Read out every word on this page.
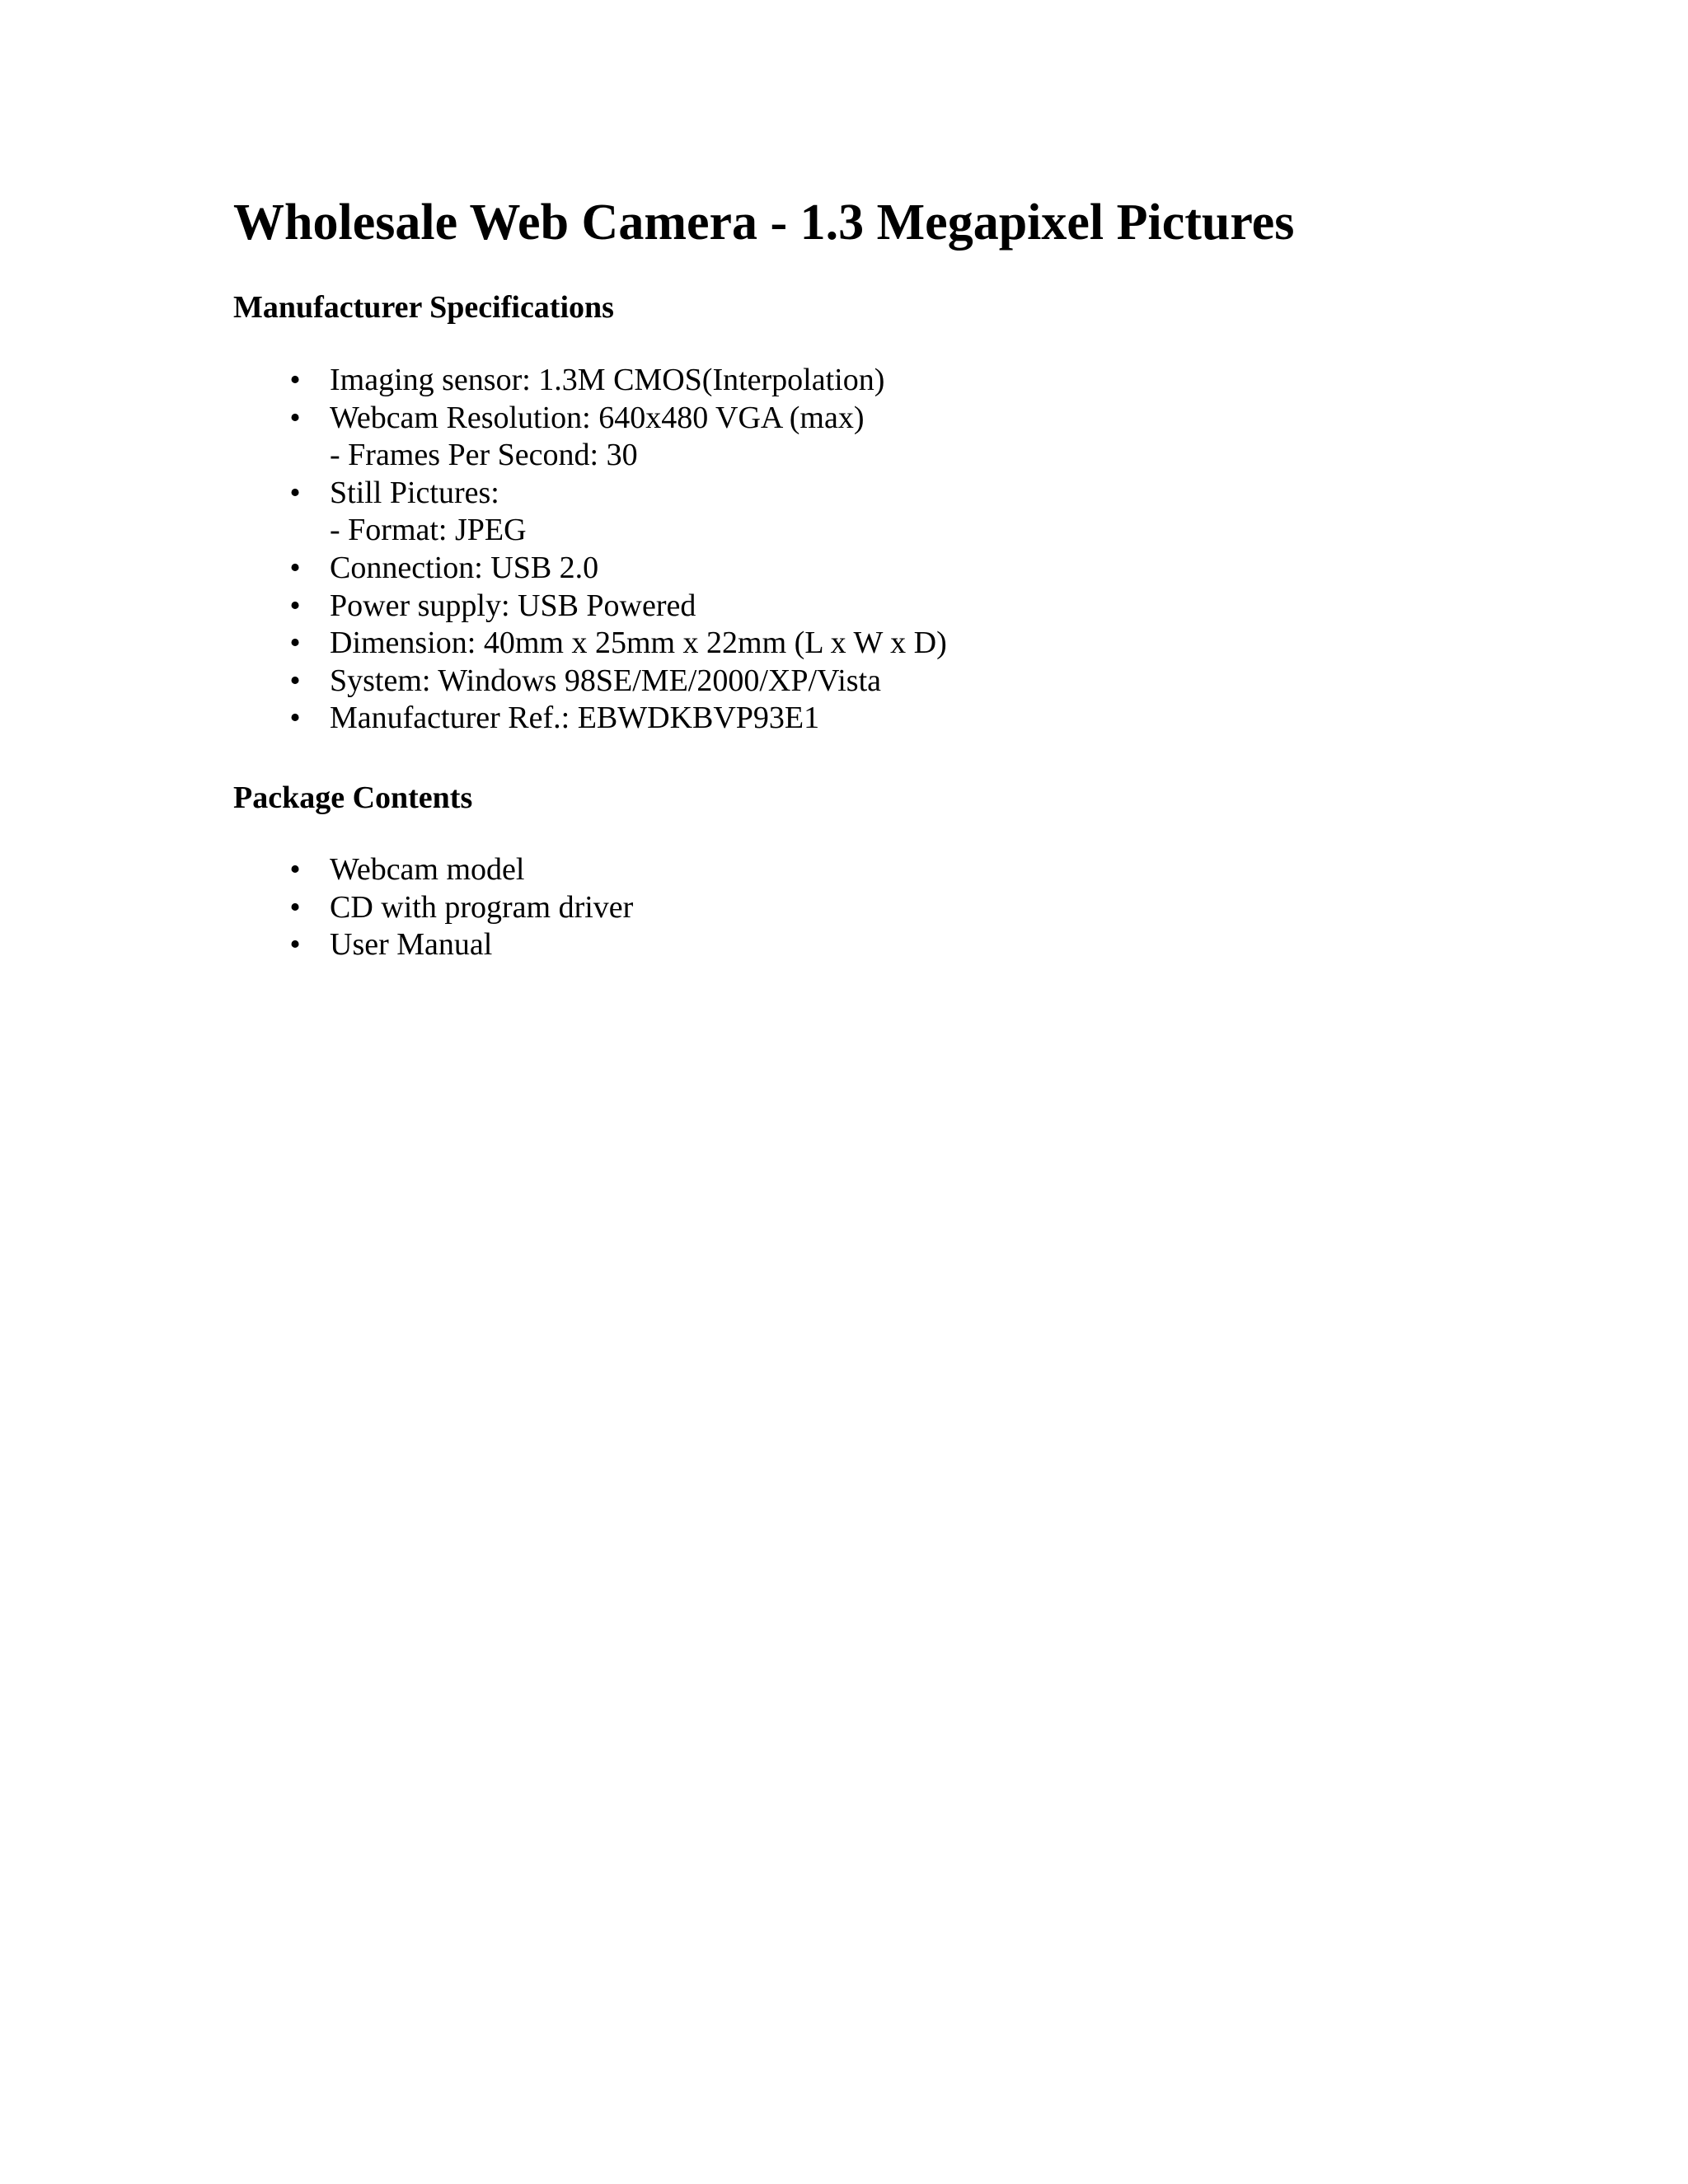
Wholesale Web Camera - 1.3 Megapixel Pictures
Manufacturer Specifications
• Imaging sensor: 1.3M CMOS(Interpolation)
• Webcam Resolution: 640x480 VGA (max)
- Frames Per Second: 30
• Still Pictures:
- Format: JPEG
• Connection: USB 2.0
• Power supply: USB Powered
• Dimension: 40mm x 25mm x 22mm (L x W x D)
• System: Windows 98SE/ME/2000/XP/Vista
• Manufacturer Ref.: EBWDKBVP93E1
Package Contents
• Webcam model
• CD with program driver
• User Manual
